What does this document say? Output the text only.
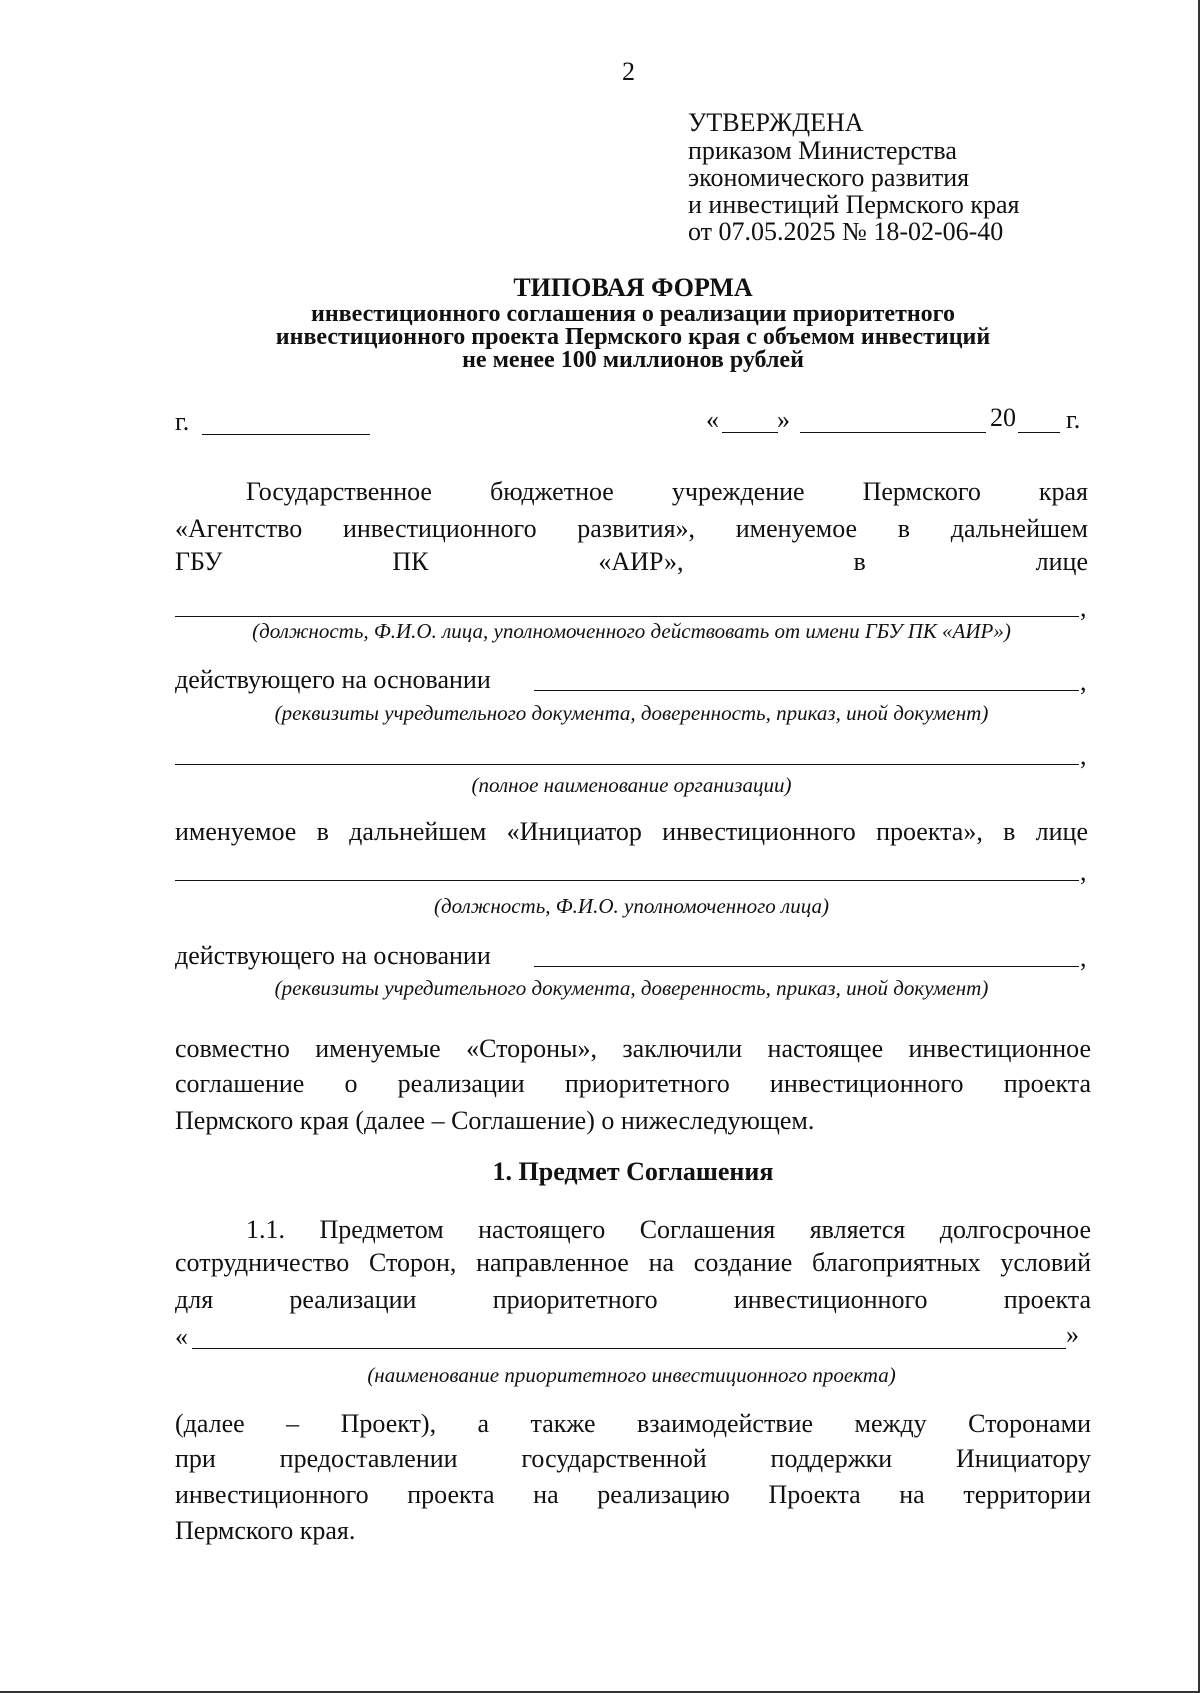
2
УТВЕРЖДЕНА
приказом Министерства
экономического развития
и инвестиций Пермского края
от 07.05.2025 № 18-02-06-40
ТИПОВАЯ ФОРМА
инвестиционного соглашения о реализации приоритетного
инвестиционного проекта Пермского края с объемом инвестиций
не менее 100 миллионов рублей
г.	« »	20 г.
Государственное бюджетное учреждение Пермского края
«Агентство инвестиционного развития», именуемое в дальнейшем
ГБУ ПК «АИР», в лице
,
(должность, Ф.И.О. лица, уполномоченного действовать от имени ГБУ ПК «АИР»)
действующего на основании	,
(реквизиты учредительного документа, доверенность, приказ, иной документ)
,
(полное наименование организации)
именуемое в дальнейшем «Инициатор инвестиционного проекта», в лице
,
(должность, Ф.И.О. уполномоченного лица)
действующего на основании	,
(реквизиты учредительного документа, доверенность, приказ, иной документ)
совместно именуемые «Стороны», заключили настоящее инвестиционное
соглашение о реализации приоритетного инвестиционного проекта
Пермского края (далее – Соглашение) о нижеследующем.
1. Предмет Соглашения
1.1. Предметом настоящего Соглашения является долгосрочное
сотрудничество Сторон, направленное на создание благоприятных условий
для реализации приоритетного инвестиционного проекта
«	»
(наименование приоритетного инвестиционного проекта)
(далее – Проект), а также взаимодействие между Сторонами
при предоставлении государственной поддержки Инициатору
инвестиционного проекта на реализацию Проекта на территории
Пермского края.
